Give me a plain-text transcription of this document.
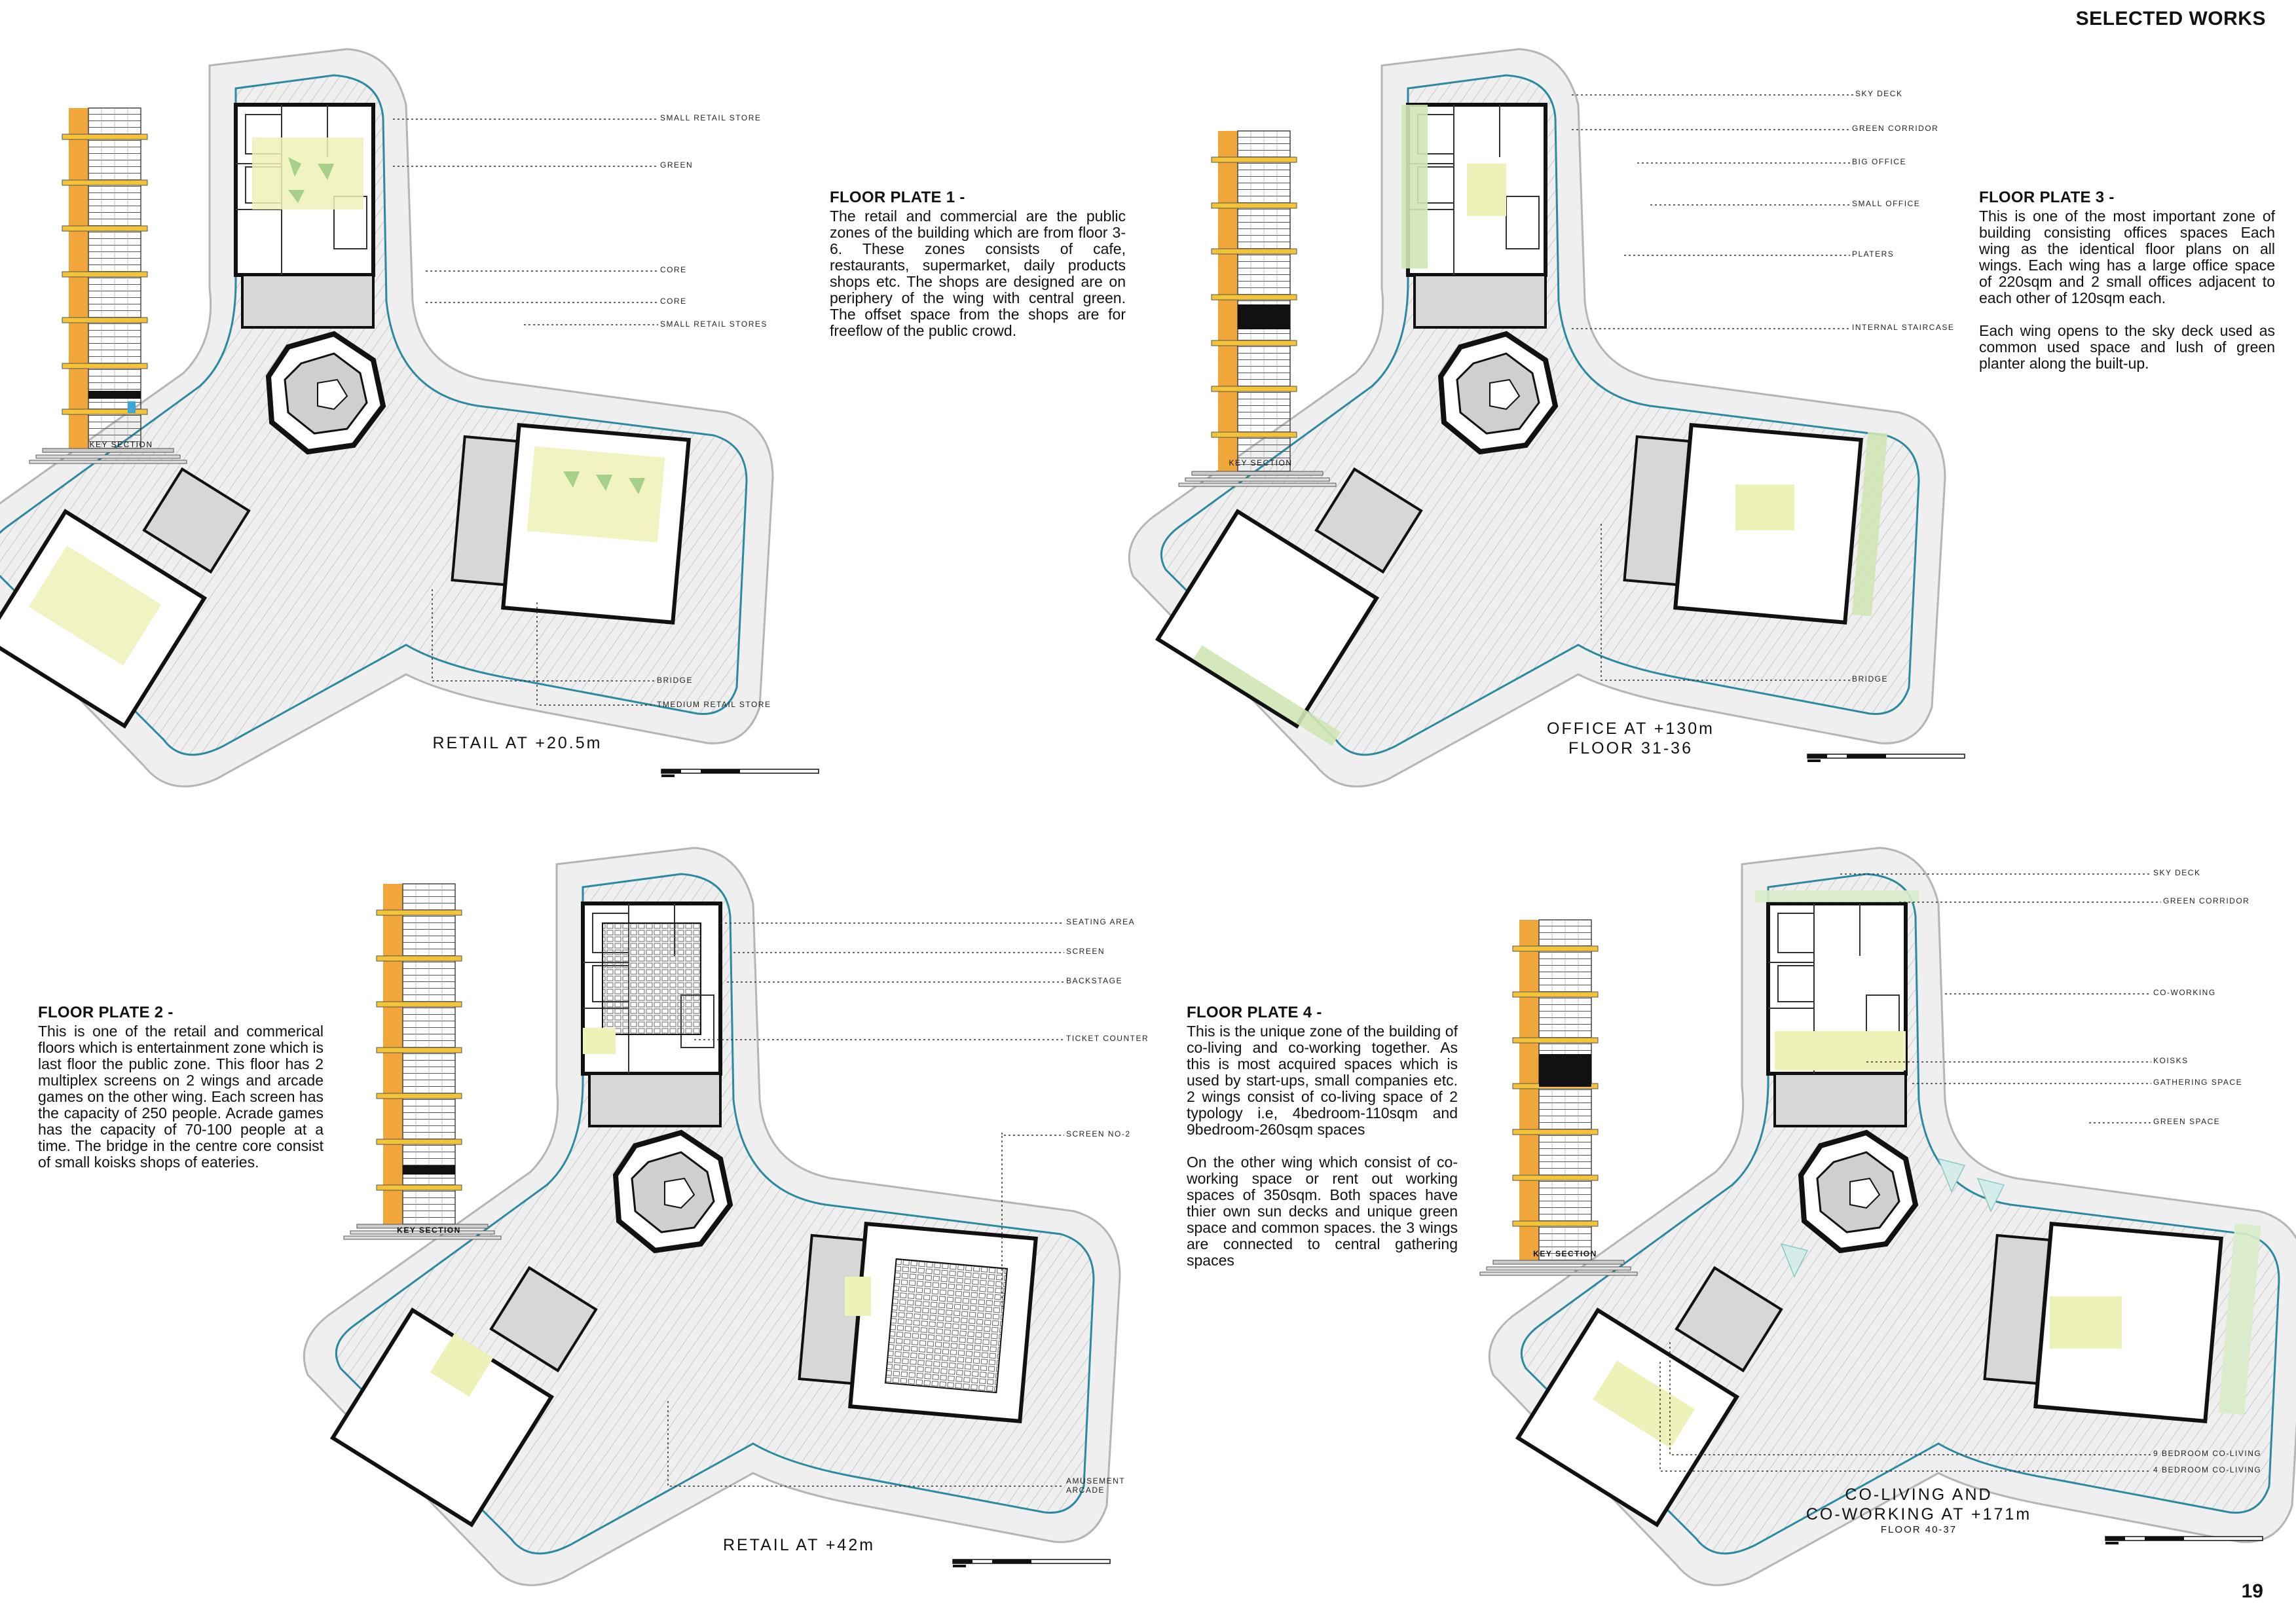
SELECTED WORKS
KEY SECTION
KEY SECTION
KEY SECTION
KEY SECTION
SMALL RETAIL STORE
GREEN
CORE
CORE
SMALL RETAIL STORES
BRIDGE
TMEDIUM RETAIL STORE
SKY DECK
GREEN CORRIDOR
BIG OFFICE
SMALL OFFICE
PLATERS
INTERNAL STAIRCASE
BRIDGE
SEATING AREA
SCREEN
BACKSTAGE
TICKET COUNTER
SCREEN NO-2
AMUSEMENT
ARCADE
SKY DECK
GREEN CORRIDOR
CO-WORKING
KOISKS
GATHERING SPACE
GREEN SPACE
9 BEDROOM CO-LIVING
4 BEDROOM CO-LIVING
FLOOR PLATE 1 -
The retail and commercial are the public zones of the building which are from floor 3-6. These zones consists of cafe, restaurants, supermarket, daily products shops etc. The shops are designed are on periphery of the wing with central green. The offset space from the shops are for freeflow of the public crowd.
FLOOR PLATE 3 -
This is one of the most important zone of building consisting offices spaces Each wing as the identical floor plans on all wings. Each wing has a large office space of 220sqm and 2 small offices adjacent to each other of 120sqm each.

Each wing opens to the sky deck used as common used space and lush of green planter along the built-up.
FLOOR PLATE 2 -
This is one of the retail and commerical floors which is entertainment zone which is last floor the public zone. This floor has 2 multiplex screens on 2 wings and arcade games on the other wing. Each screen has the capacity of 250 people. Acrade games has the capacity of 70-100 people at a time. The bridge in the centre core consist of small koisks shops of eateries.
FLOOR PLATE 4 -
This is the unique zone of the building of co-living and co-working together. As this is most acquired spaces which is used by start-ups, small companies etc. 2 wings consist of co-living space of 2 typology i.e, 4bedroom-110sqm and 9bedroom-260sqm spaces

On the other wing which consist of co-working space or rent out working spaces of 350sqm. Both spaces have thier own sun decks and unique green space and common spaces. the 3 wings are connected to central gathering spaces
RETAIL AT +20.5m
OFFICE AT +130m
FLOOR 31-36
RETAIL AT +42m
CO-LIVING AND
CO-WORKING AT +171m
FLOOR 40-37
19
